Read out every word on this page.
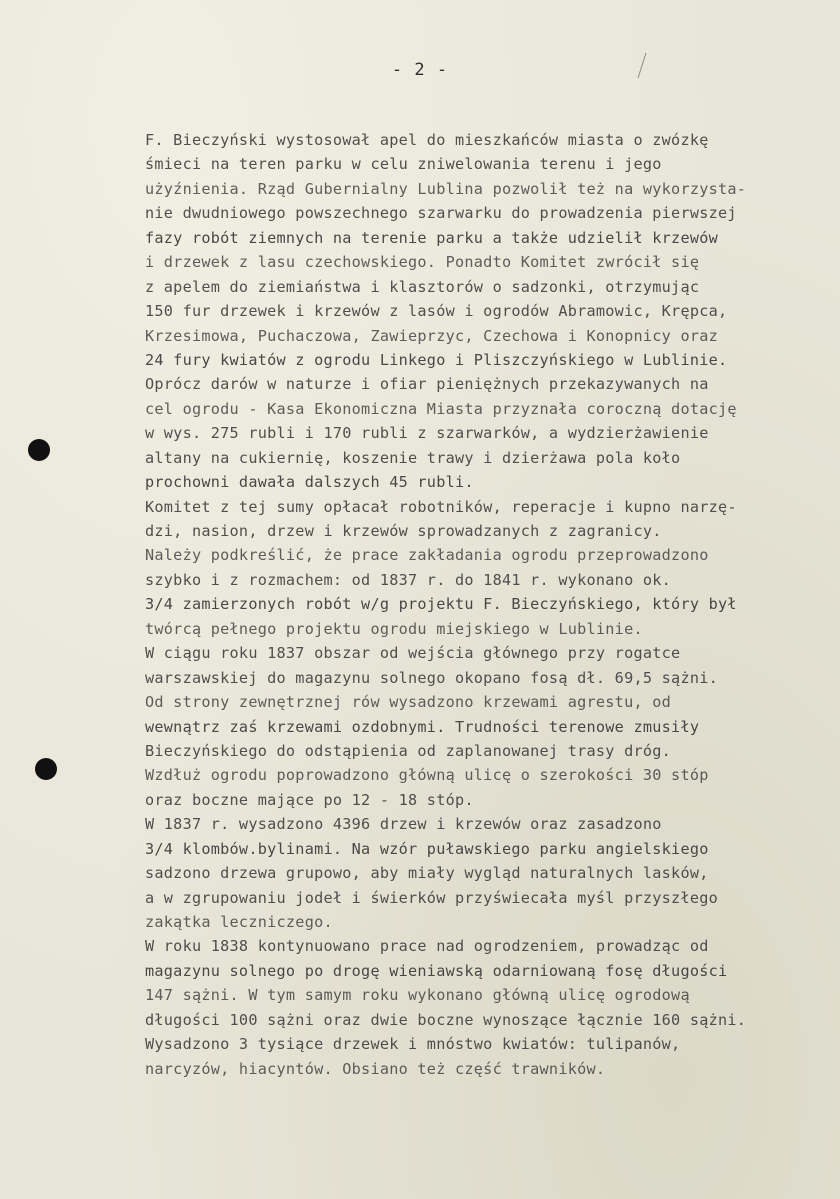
- 2 -
F. Bieczyński wystosował apel do mieszkańców miasta o zwózkę
śmieci na teren parku w celu zniwelowania terenu i jego
użyźnienia. Rząd Gubernialny Lublina pozwolił też na wykorzysta-
nie dwudniowego powszechnego szarwarku do prowadzenia pierwszej
fazy robót ziemnych na terenie parku a także udzielił krzewów
i drzewek z lasu czechowskiego. Ponadto Komitet zwrócił się
z apelem do ziemiaństwa i klasztorów o sadzonki, otrzymując
150 fur drzewek i krzewów z lasów i ogrodów Abramowic, Krępca,
Krzesimowa, Puchaczowa, Zawieprzyc, Czechowa i Konopnicy oraz
24 fury kwiatów z ogrodu Linkego i Pliszczyńskiego w Lublinie.
Oprócz darów w naturze i ofiar pieniężnych przekazywanych na
cel ogrodu - Kasa Ekonomiczna Miasta przyznała coroczną dotację
w wys. 275 rubli i 170 rubli z szarwarków, a wydzierżawienie
altany na cukiernię, koszenie trawy i dzierżawa pola koło
prochowni dawała dalszych 45 rubli.
Komitet z tej sumy opłacał robotników, reperacje i kupno narzę-
dzi, nasion, drzew i krzewów sprowadzanych z zagranicy.
Należy podkreślić, że prace zakładania ogrodu przeprowadzono
szybko i z rozmachem: od 1837 r. do 1841 r. wykonano ok.
3/4 zamierzonych robót w/g projektu F. Bieczyńskiego, który był
twórcą pełnego projektu ogrodu miejskiego w Lublinie.
W ciągu roku 1837 obszar od wejścia głównego przy rogatce
warszawskiej do magazynu solnego okopano fosą dł. 69,5 sążni.
Od strony zewnętrznej rów wysadzono krzewami agrestu, od
wewnątrz zaś krzewami ozdobnymi. Trudności terenowe zmusiły
Bieczyńskiego do odstąpienia od zaplanowanej trasy dróg.
Wzdłuż ogrodu poprowadzono główną ulicę o szerokości 30 stóp
oraz boczne mające po 12 - 18 stóp.
W 1837 r. wysadzono 4396 drzew i krzewów oraz zasadzono
3/4 klombów.bylinami. Na wzór puławskiego parku angielskiego
sadzono drzewa grupowo, aby miały wygląd naturalnych lasków,
a w zgrupowaniu jodeł i świerków przyświecała myśl przyszłego
zakątka leczniczego.
W roku 1838 kontynuowano prace nad ogrodzeniem, prowadząc od
magazynu solnego po drogę wieniawską odarniowaną fosę długości
147 sążni. W tym samym roku wykonano główną ulicę ogrodową
długości 100 sążni oraz dwie boczne wynoszące łącznie 160 sążni.
Wysadzono 3 tysiące drzewek i mnóstwo kwiatów: tulipanów,
narcyzów, hiacyntów. Obsiano też część trawników.
